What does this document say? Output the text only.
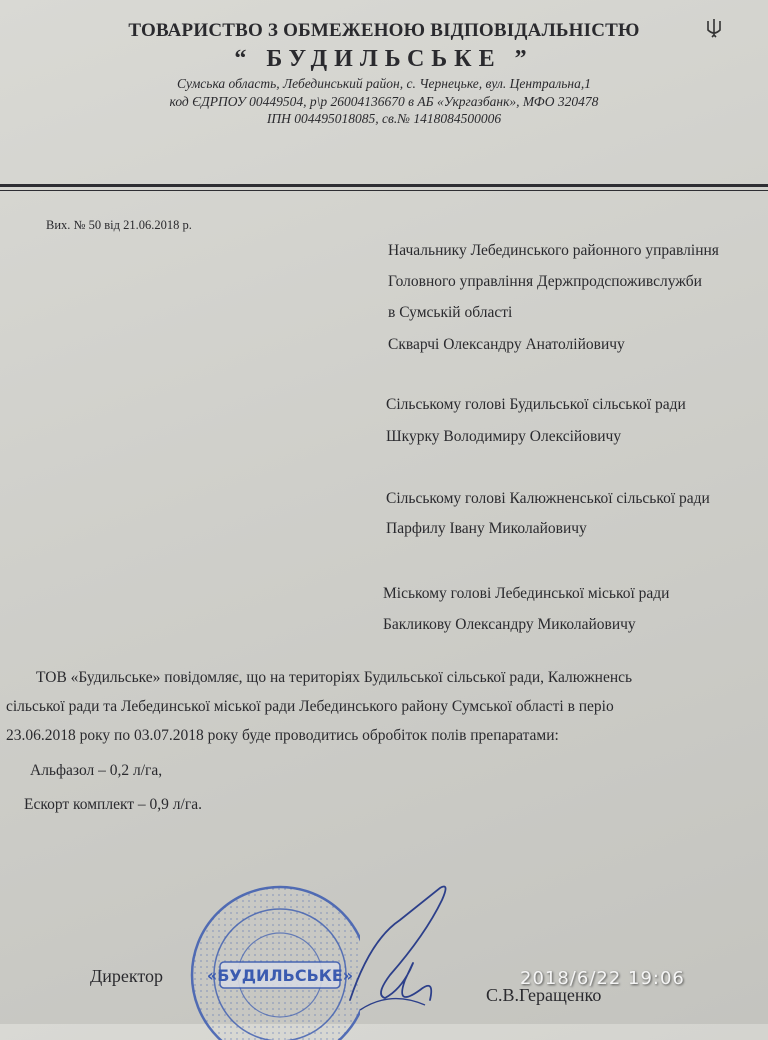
ТОВАРИСТВО З ОБМЕЖЕНОЮ ВІДПОВІДАЛЬНІСТЮ
“ БУДИЛЬСЬКЕ ”
Сумська область, Лебединський район, с. Чернецьке, вул. Центральна,1
код ЄДРПОУ 00449504, р\р 26004136670 в АБ «Укргазбанк», МФО 320478
ІПН 004495018085, св.№ 1418084500006
Вих. № 50 від 21.06.2018 р.
Начальнику Лебединського районного управління
Головного управління Держпродспоживслужби
в Сумській області
Скварчі Олександру Анатолійовичу
Сільському голові Будильської сільської ради
Шкурку Володимиру Олексійовичу
Сільському голові Калюжненської сільської ради
Парфилу Івану Миколайовичу
Міському голові Лебединської міської ради
Бакликову Олександру Миколайовичу
ТОВ «Будильське» повідомляє, що на територіях Будильської сільської ради, Калюжненсь
сільської ради та Лебединської міської ради Лебединського району Сумської області в періо
23.06.2018 року по 03.07.2018 року буде проводитись обробіток полів препаратами:
Альфазол – 0,2 л/га,
Ескорт комплект – 0,9 л/га.
«БУДИЛЬСЬКЕ»
Директор
С.В.Геращенко
2018/6/22 19:06
